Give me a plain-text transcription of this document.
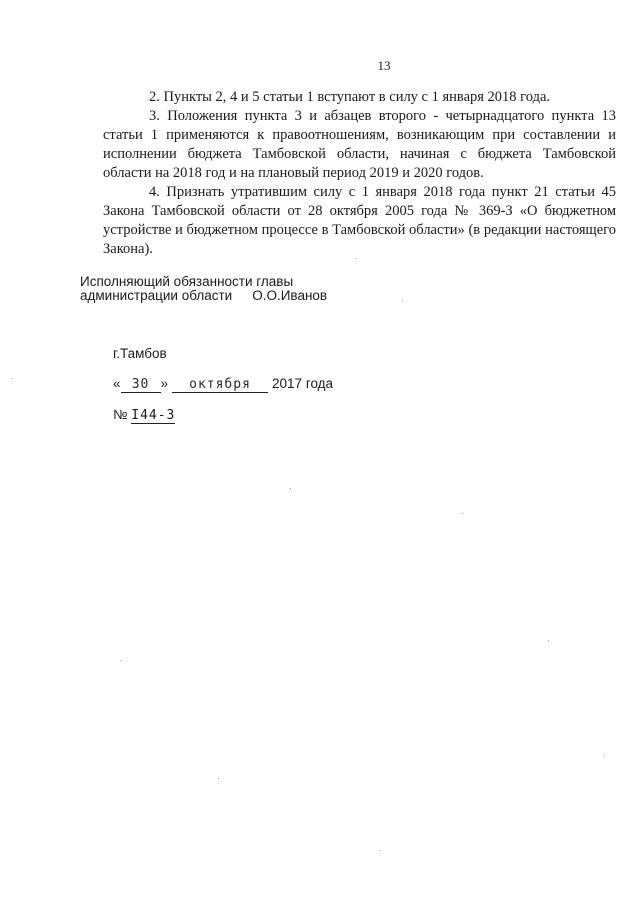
13

2. Пункты 2, 4 и 5 статьи 1 вступают в силу с 1 января 2018 года.

3. Положения пункта 3 и абзацев второго - четырнадцатого пункта 13 статьи 1 применяются к правоотношениям, возникающим при составлении и исполнении бюджета Тамбовской области, начиная с бюджета Тамбовской области на 2018 год и на плановый период 2019 и 2020 годов.

4. Признать утратившим силу с 1 января 2018 года пункт 21 статьи 45 Закона Тамбовской области от 28 октября 2005 года № 369-З «О бюджетном устройстве и бюджетном процессе в Тамбовской области» (в редакции настоящего Закона).

Исполняющий обязанности главы
администрации области О.О.Иванов
г.Тамбов
« 30 » октября 2017 года
№ I44-З
